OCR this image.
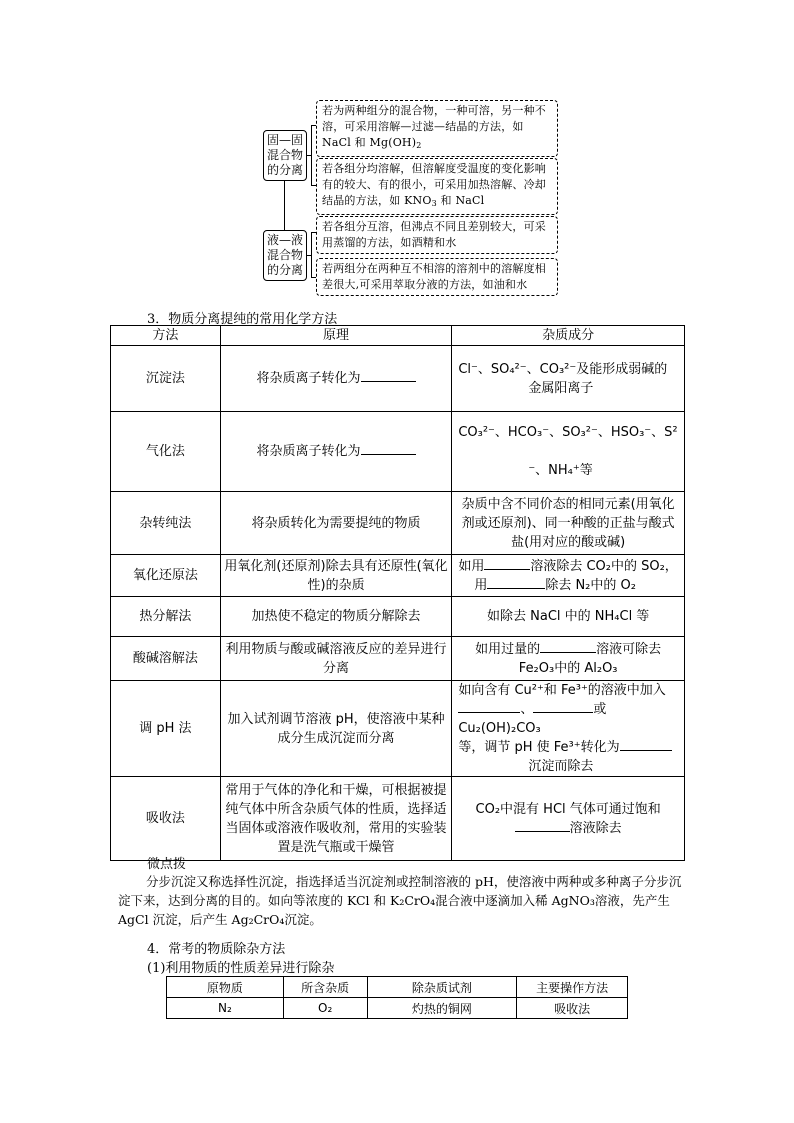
固—固混合物的分离
液—液混合物的分离
若为两种组分的混合物，一种可溶，另一种不溶，可采用溶解—过滤—结晶的方法，如
NaCl 和 $Mg(OH)_2$
若各组分均溶解，但溶解度受温度的变化影响有的较大、有的很小，可采用加热溶解、冷却结晶的方法，如 $KNO_3$ 和 NaCl
若各组分互溶，但沸点不同且差别较大，可采用蒸馏的方法，如酒精和水
若两组分在两种互不相溶的溶剂中的溶解度相差很大,可采用萃取分液的方法，如油和水
3．物质分离提纯的常用化学方法
方法	原理	杂质成分
沉淀法	将杂质离子转化为	Cl⁻、SO₄²⁻、CO₃²⁻及能形成弱碱的
金属阳离子
气化法	将杂质离子转化为	CO₃²⁻、HCO₃⁻、SO₃²⁻、HSO₃⁻、S²

⁻、NH₄⁺等
杂转纯法	将杂质转化为需要提纯的物质	杂质中含不同价态的相同元素(用氧化剂或还原剂)、同一种酸的正盐与酸式盐(用对应的酸或碱)
氧化还原法	用氧化剂(还原剂)除去具有还原性(氧化性)的杂质	如用 溶液除去 CO₂中的 SO₂，
用 除去 N₂中的 O₂
热分解法	加热使不稳定的物质分解除去	如除去 NaCl 中的 NH₄Cl 等
酸碱溶解法	利用物质与酸或碱溶液反应的差异进行分离	如用过量的 溶液可除去
Fe₂O₃中的 Al₂O₃
调 pH 法	加入试剂调节溶液 pH，使溶液中某种成分生成沉淀而分离	如向含有 Cu²⁺和 Fe³⁺的溶液中加入
、 或 Cu₂(OH)₂CO₃
等，调节 pH 使 Fe³⁺转化为
沉淀而除去
吸收法	常用于气体的净化和干燥，可根据被提纯气体中所含杂质气体的性质，选择适当固体或溶液作吸收剂，常用的实验装置是洗气瓶或干燥管	CO₂中混有 HCl 气体可通过饱和
溶液除去
微点拨
分步沉淀又称选择性沉淀，指选择适当沉淀剂或控制溶液的 pH，使溶液中两种或多种离子分步沉淀下来，达到分离的目的。如向等浓度的 KCl 和 K₂CrO₄混合液中逐滴加入稀 AgNO₃溶液，先产生 AgCl 沉淀，后产生 Ag₂CrO₄沉淀。
4．常考的物质除杂方法
(1)利用物质的性质差异进行除杂
原物质	所含杂质	除杂质试剂	主要操作方法
N₂	O₂	灼热的铜网	吸收法
